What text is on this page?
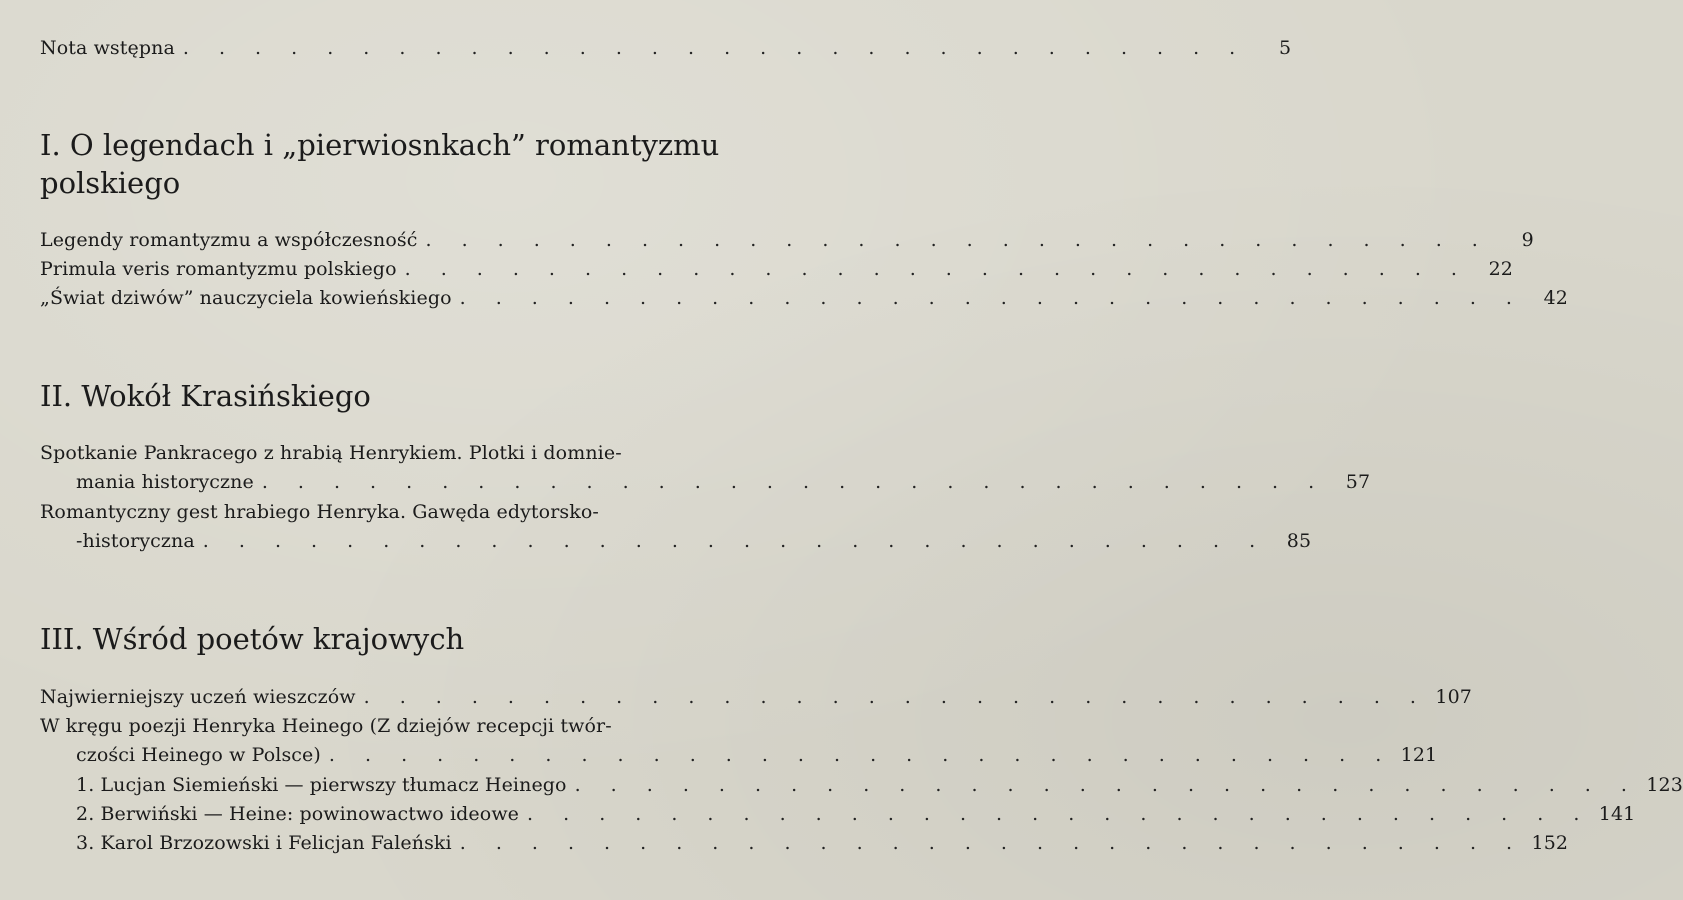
Nota wstępna . . . . . . . . . . . . . . . . . . . . . . . . . . . . . .	5
I. O legendach i „pierwiosnkach” romantyzmu polskiego
Legendy romantyzmu a współczesność . . . . . . . . . . . . . . . . . . . . . . . . . . . . . .	9
Primula veris romantyzmu polskiego . . . . . . . . . . . . . . . . . . . . . . . . . . . . . .	22
„Świat dziwów” nauczyciela kowieńskiego . . . . . . . . . . . . . . . . . . . . . . . . . . . . . .	42
II. Wokół Krasińskiego
Spotkanie Pankracego z hrabią Henrykiem. Plotki i domnie-
mania historyczne . . . . . . . . . . . . . . . . . . . . . . . . . . . . . .	57
Romantyczny gest hrabiego Henryka. Gawęda edytorsko-
-historyczna . . . . . . . . . . . . . . . . . . . . . . . . . . . . . .	85
III. Wśród poetów krajowych
Najwierniejszy uczeń wieszczów . . . . . . . . . . . . . . . . . . . . . . . . . . . . . . 107
W kręgu poezji Henryka Heinego (Z dziejów recepcji twór-
czości Heinego w Polsce) . . . . . . . . . . . . . . . . . . . . . . . . . . . . . . 121
1. Lucjan Siemieński — pierwszy tłumacz Heinego . . . . . . . . . . . . . . . . . . . . . . . . . . . . . . 123
2. Berwiński — Heine: powinowactwo ideowe . . . . . . . . . . . . . . . . . . . . . . . . . . . . . . 141
3. Karol Brzozowski i Felicjan Faleński . . . . . . . . . . . . . . . . . . . . . . . . . . . . . . 152
